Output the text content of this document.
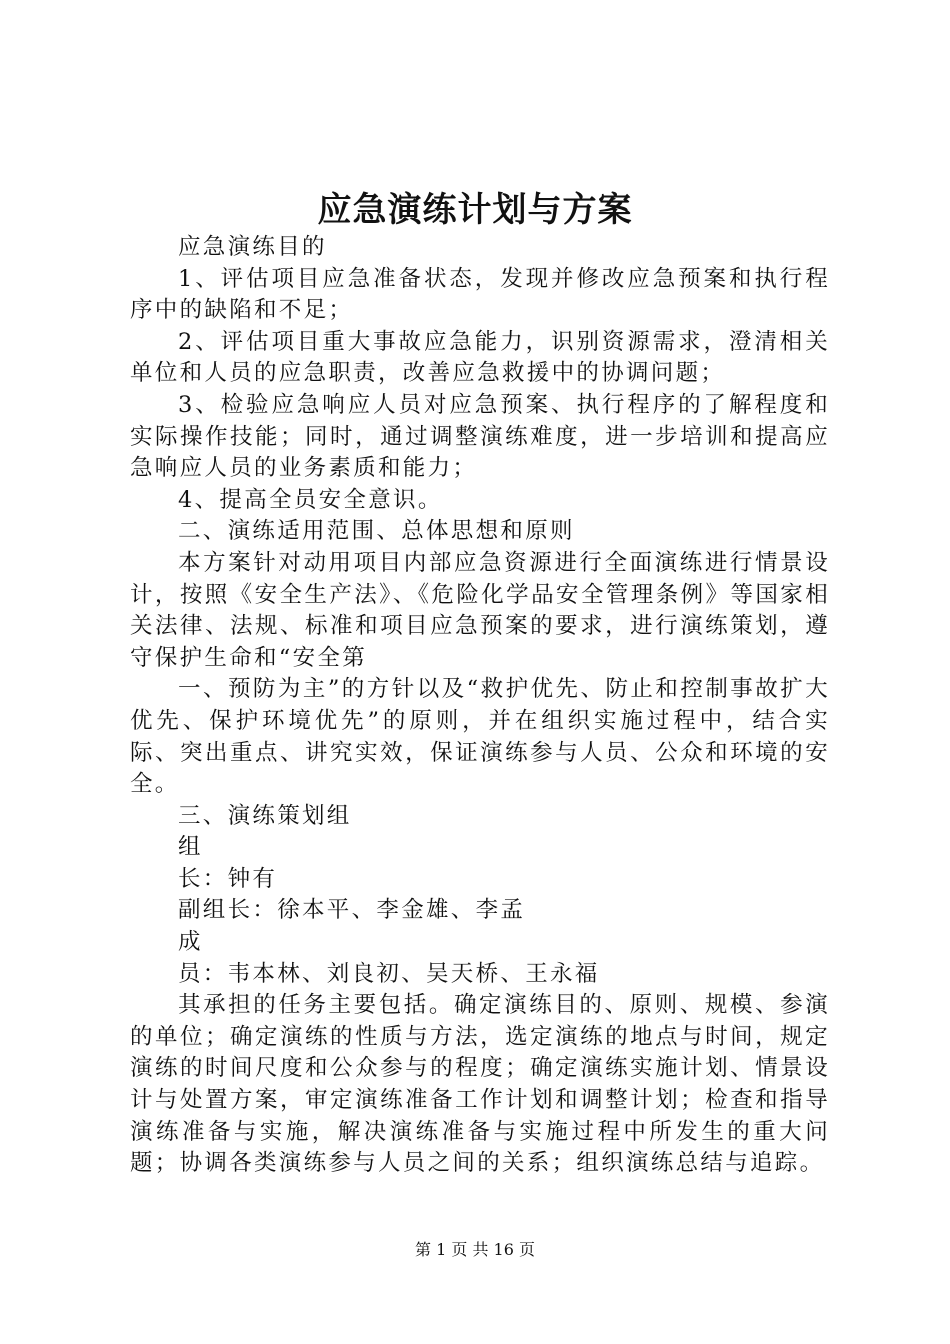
应急演练计划与方案

应急演练目的

1、评估项目应急准备状态，发现并修改应急预案和执行程序中的缺陷和不足；

2、评估项目重大事故应急能力，识别资源需求，澄清相关单位和人员的应急职责，改善应急救援中的协调问题；

3、检验应急响应人员对应急预案、执行程序的了解程度和实际操作技能；同时，通过调整演练难度，进一步培训和提高应急响应人员的业务素质和能力；

4、提高全员安全意识。

二、演练适用范围、总体思想和原则

本方案针对动用项目内部应急资源进行全面演练进行情景设计，按照《安全生产法》、《危险化学品安全管理条例》等国家相关法律、法规、标准和项目应急预案的要求，进行演练策划，遵守保护生命和“安全第

一、预防为主”的方针以及“救护优先、防止和控制事故扩大优先、保护环境优先”的原则，并在组织实施过程中，结合实际、突出重点、讲究实效，保证演练参与人员、公众和环境的安全。

三、演练策划组

组

长：钟有

副组长：徐本平、李金雄、李孟

成

员：韦本林、刘良初、吴天桥、王永福

其承担的任务主要包括。确定演练目的、原则、规模、参演的单位；确定演练的性质与方法，选定演练的地点与时间，规定演练的时间尺度和公众参与的程度；确定演练实施计划、情景设计与处置方案，审定演练准备工作计划和调整计划；检查和指导演练准备与实施，解决演练准备与实施过程中所发生的重大问题；协调各类演练参与人员之间的关系；组织演练总结与追踪。

第 1 页 共 16 页
